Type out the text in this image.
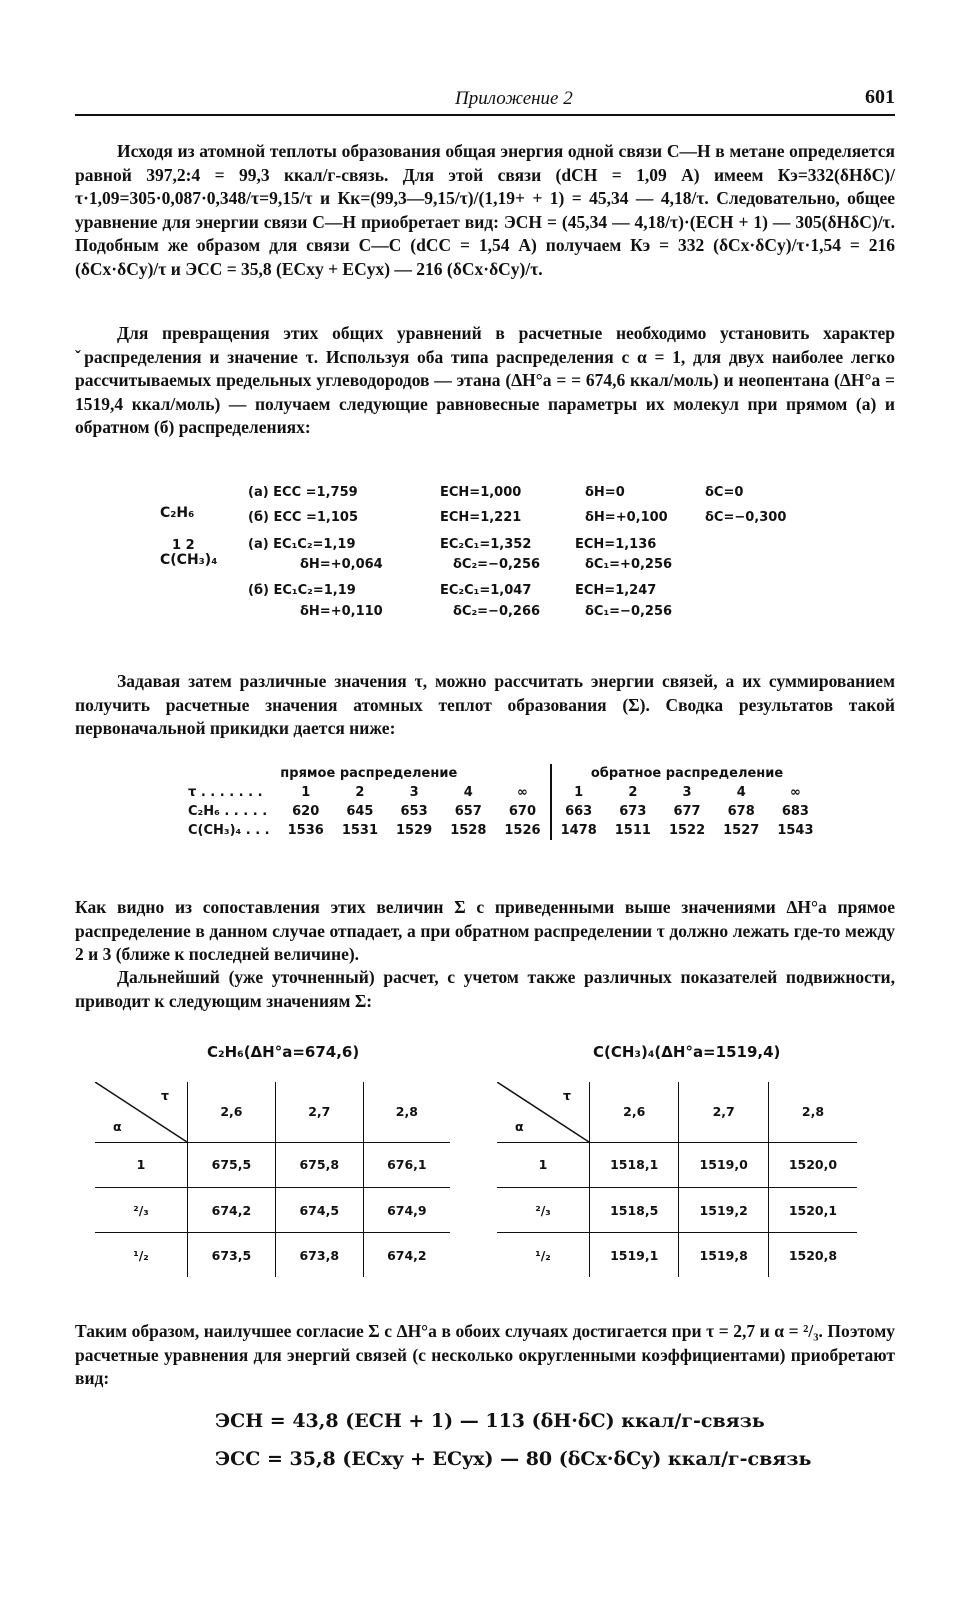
Приложение 2	601

Исходя из атомной теплоты образования общая энергия одной связи С—Н в метане определяется равной 397,2:4 = 99,3 ккал/г-связь. Для этой связи (dСН = 1,09 А) имеем Кэ=332(δНδС)/τ·1,09=305·0,087·0,348/τ=9,15/τ и Кк=(99,3—9,15/τ)/(1,19+ + 1) = 45,34 — 4,18/τ. Следовательно, общее уравнение для энергии связи С—Н приобретает вид: ЭСН = (45,34 — 4,18/τ)·(ЕСН + 1) — 305(δНδС)/τ. Подобным же образом для связи С—С (dСС = 1,54 А) получаем Кэ = 332 (δCx·δCy)/τ·1,54 = 216 (δCx·δCy)/τ и ЭСС = 35,8 (ECxy + ECyx) — 216 (δCx·δCy)/τ.

Для превращения этих общих уравнений в расчетные необходимо установить характер ˇраспределения и значение τ. Используя оба типа распределения с α = 1, для двух наиболее легко рассчитываемых предельных углеводородов — этана (ΔH°a = = 674,6 ккал/моль) и неопентана (ΔH°a = 1519,4 ккал/моль) — получаем следующие равновесные параметры их молекул при прямом (а) и обратном (б) распределениях:

C₂H₆
1 2
C(CH₃)₄
(а) ECC =1,759	ECH=1,000	δH=0	δC=0
(б) ECC =1,105	ECH=1,221	δH=+0,100	δC=−0,300
(а) EC₁C₂=1,19	EC₂C₁=1,352	ECH=1,136
δH=+0,064	δC₂=−0,256	δC₁=+0,256
(б) EC₁C₂=1,19	EC₂C₁=1,047	ECH=1,247
δH=+0,110	δC₂=−0,266	δC₁=−0,256

Задавая затем различные значения τ, можно рассчитать энергии связей, а их суммированием получить расчетные значения атомных теплот образования (Σ). Сводка результатов такой первоначальной прикидки дается ниже:

прямое распределение						обратное распределение				
τ . . . . . . .	1	2	3	4	∞	1	2	3	4	∞
C₂H₆ . . . . .	620	645	653	657	670	663	673	677	678	683
C(CH₃)₄ . . .	1536	1531	1529	1528	1526	1478	1511	1522	1527	1543

Как видно из сопоставления этих величин Σ с приведенными выше значениями ΔH°a прямое распределение в данном случае отпадает, а при обратном распределении τ должно лежать где-то между 2 и 3 (ближе к последней величине).

Дальнейший (уже уточненный) расчет, с учетом также различных показателей подвижности, приводит к следующим значениям Σ:

C₂H₆(ΔH°a=674,6)	C(CH₃)₄(ΔH°a=1519,4)
τ
α	2,6	2,7	2,8
1	675,5	675,8	676,1
²/₃	674,2	674,5	674,9
¹/₂	673,5	673,8	674,2
τ
α	2,6	2,7	2,8
1	1518,1	1519,0	1520,0
²/₃	1518,5	1519,2	1520,1
¹/₂	1519,1	1519,8	1520,8

Таким образом, наилучшее согласие Σ с ΔH°a в обоих случаях достигается при τ = 2,7 и α = ²/₃. Поэтому расчетные уравнения для энергий связей (с несколько округленными коэффициентами) приобретают вид:

ЭCH = 43,8 (ECH + 1) — 113 (δH·δC) ккал/г-связь
ЭCC = 35,8 (ECxy + ECyx) — 80 (δCx·δCy) ккал/г-связь
